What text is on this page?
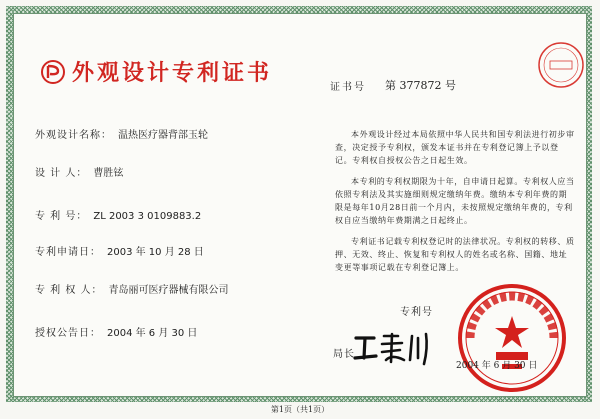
外观设计专利证书
证书号 第 377872 号
外观设计名称： 温热医疗器背部玉轮
设 计 人： 曹胜铉
专 利 号： ZL 2003 3 0109883.2
专利申请日： 2003 年 10 月 28 日
专 利 权 人： 青岛丽可医疗器械有限公司
授权公告日： 2004 年 6 月 30 日

本外观设计经过本局依照中华人民共和国专利法进行初步审查，决定授予专利权，颁发本证书并在专利登记簿上予以登记。专利权自授权公告之日起生效。

本专利的专利权期限为十年，自申请日起算。专利权人应当依照专利法及其实施细则规定缴纳年费。缴纳本专利年费的期限是每年10月28日前一个月内，未按照规定缴纳年费的，专利权自应当缴纳年费期满之日起终止。

专利证书记载专利权登记时的法律状况。专利权的转移、质押、无效、终止、恢复和专利权人的姓名或名称、国籍、地址变更等事项记载在专利登记簿上。

专利号
局长
2004 年 6 月 30 日
第1页（共1页）
